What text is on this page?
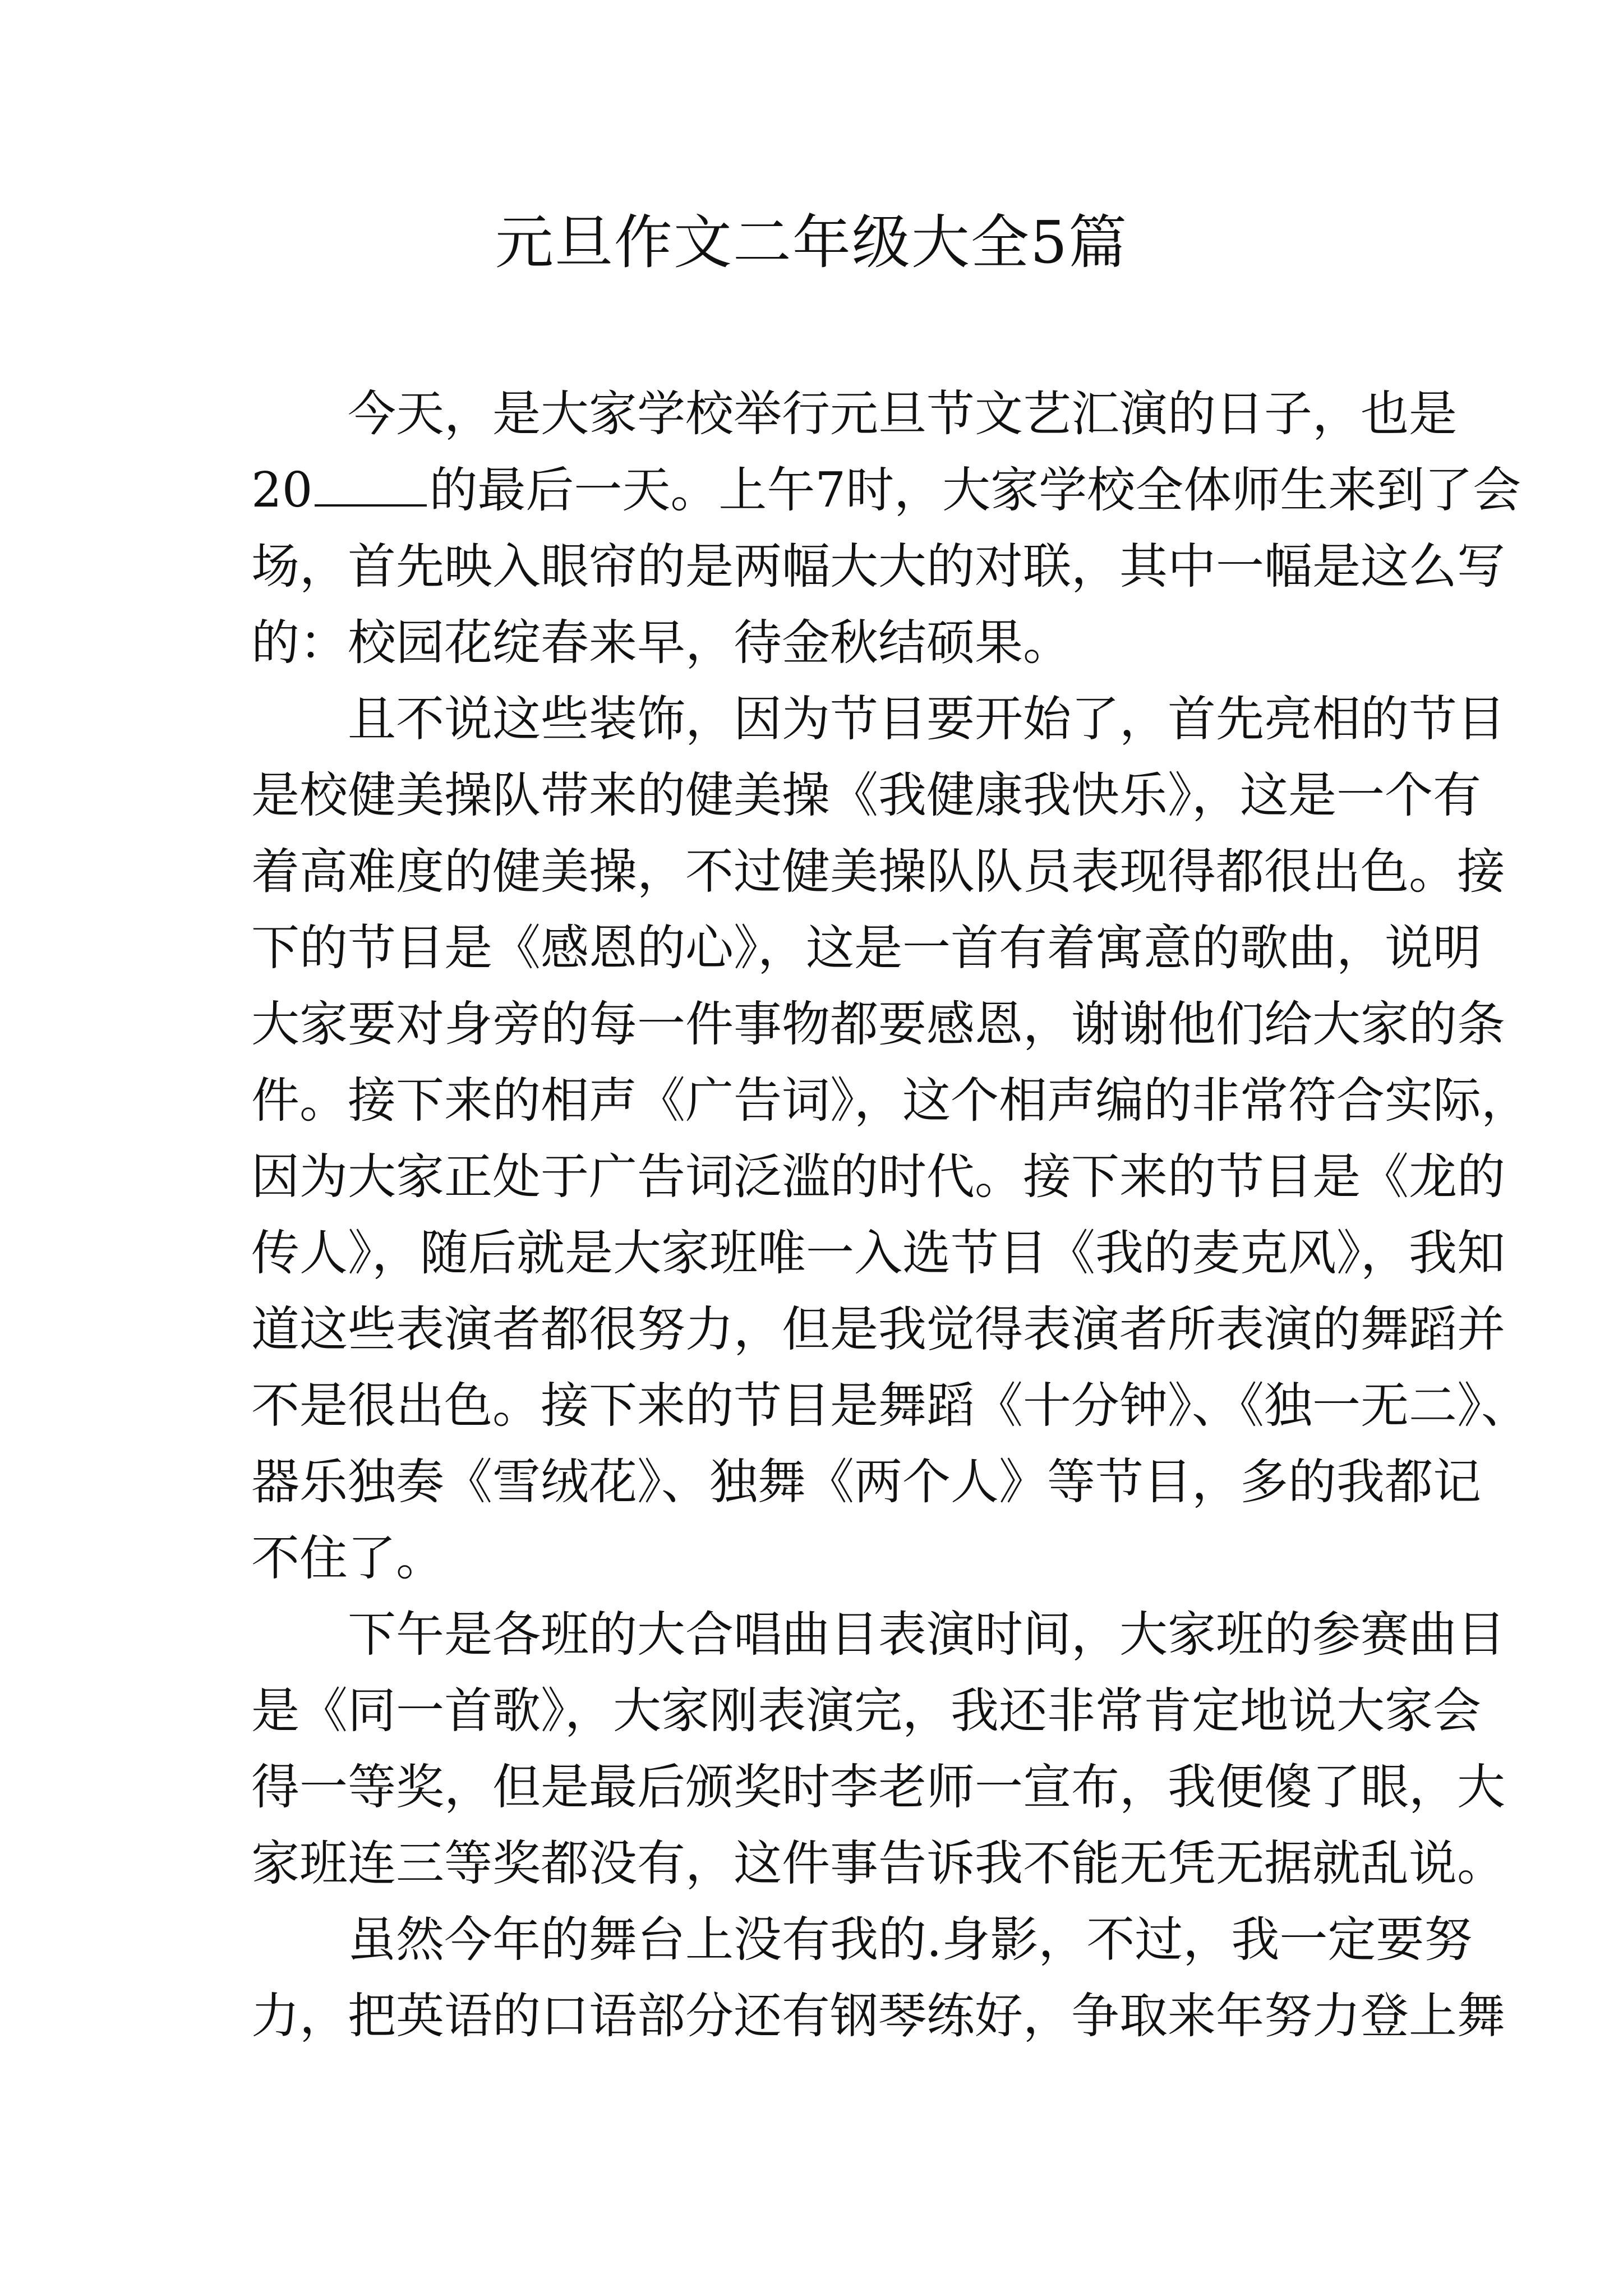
元旦作文二年级大全5篇
今天，是大家学校举行元旦节文艺汇演的日子，也是
20 的最后一天。上午7时，大家学校全体师生来到了会
场，首先映入眼帘的是两幅大大的对联，其中一幅是这么写
的：校园花绽春来早，待金秋结硕果。
且不说这些装饰，因为节目要开始了，首先亮相的节目
是校健美操队带来的健美操《我健康我快乐》，这是一个有
着高难度的健美操，不过健美操队队员表现得都很出色。接
下的节目是《感恩的心》，这是一首有着寓意的歌曲，说明
大家要对身旁的每一件事物都要感恩，谢谢他们给大家的条
件。接下来的相声《广告词》，这个相声编的非常符合实际，
因为大家正处于广告词泛滥的时代。接下来的节目是《龙的
传人》，随后就是大家班唯一入选节目《我的麦克风》，我知
道这些表演者都很努力，但是我觉得表演者所表演的舞蹈并
不是很出色。接下来的节目是舞蹈《十分钟》、《独一无二》、
器乐独奏《雪绒花》、独舞《两个人》等节目，多的我都记
不住了。
下午是各班的大合唱曲目表演时间，大家班的参赛曲目
是《同一首歌》，大家刚表演完，我还非常肯定地说大家会
得一等奖，但是最后颁奖时李老师一宣布，我便傻了眼，大
家班连三等奖都没有，这件事告诉我不能无凭无据就乱说。
虽然今年的舞台上没有我的.身影，不过，我一定要努
力，把英语的口语部分还有钢琴练好，争取来年努力登上舞
